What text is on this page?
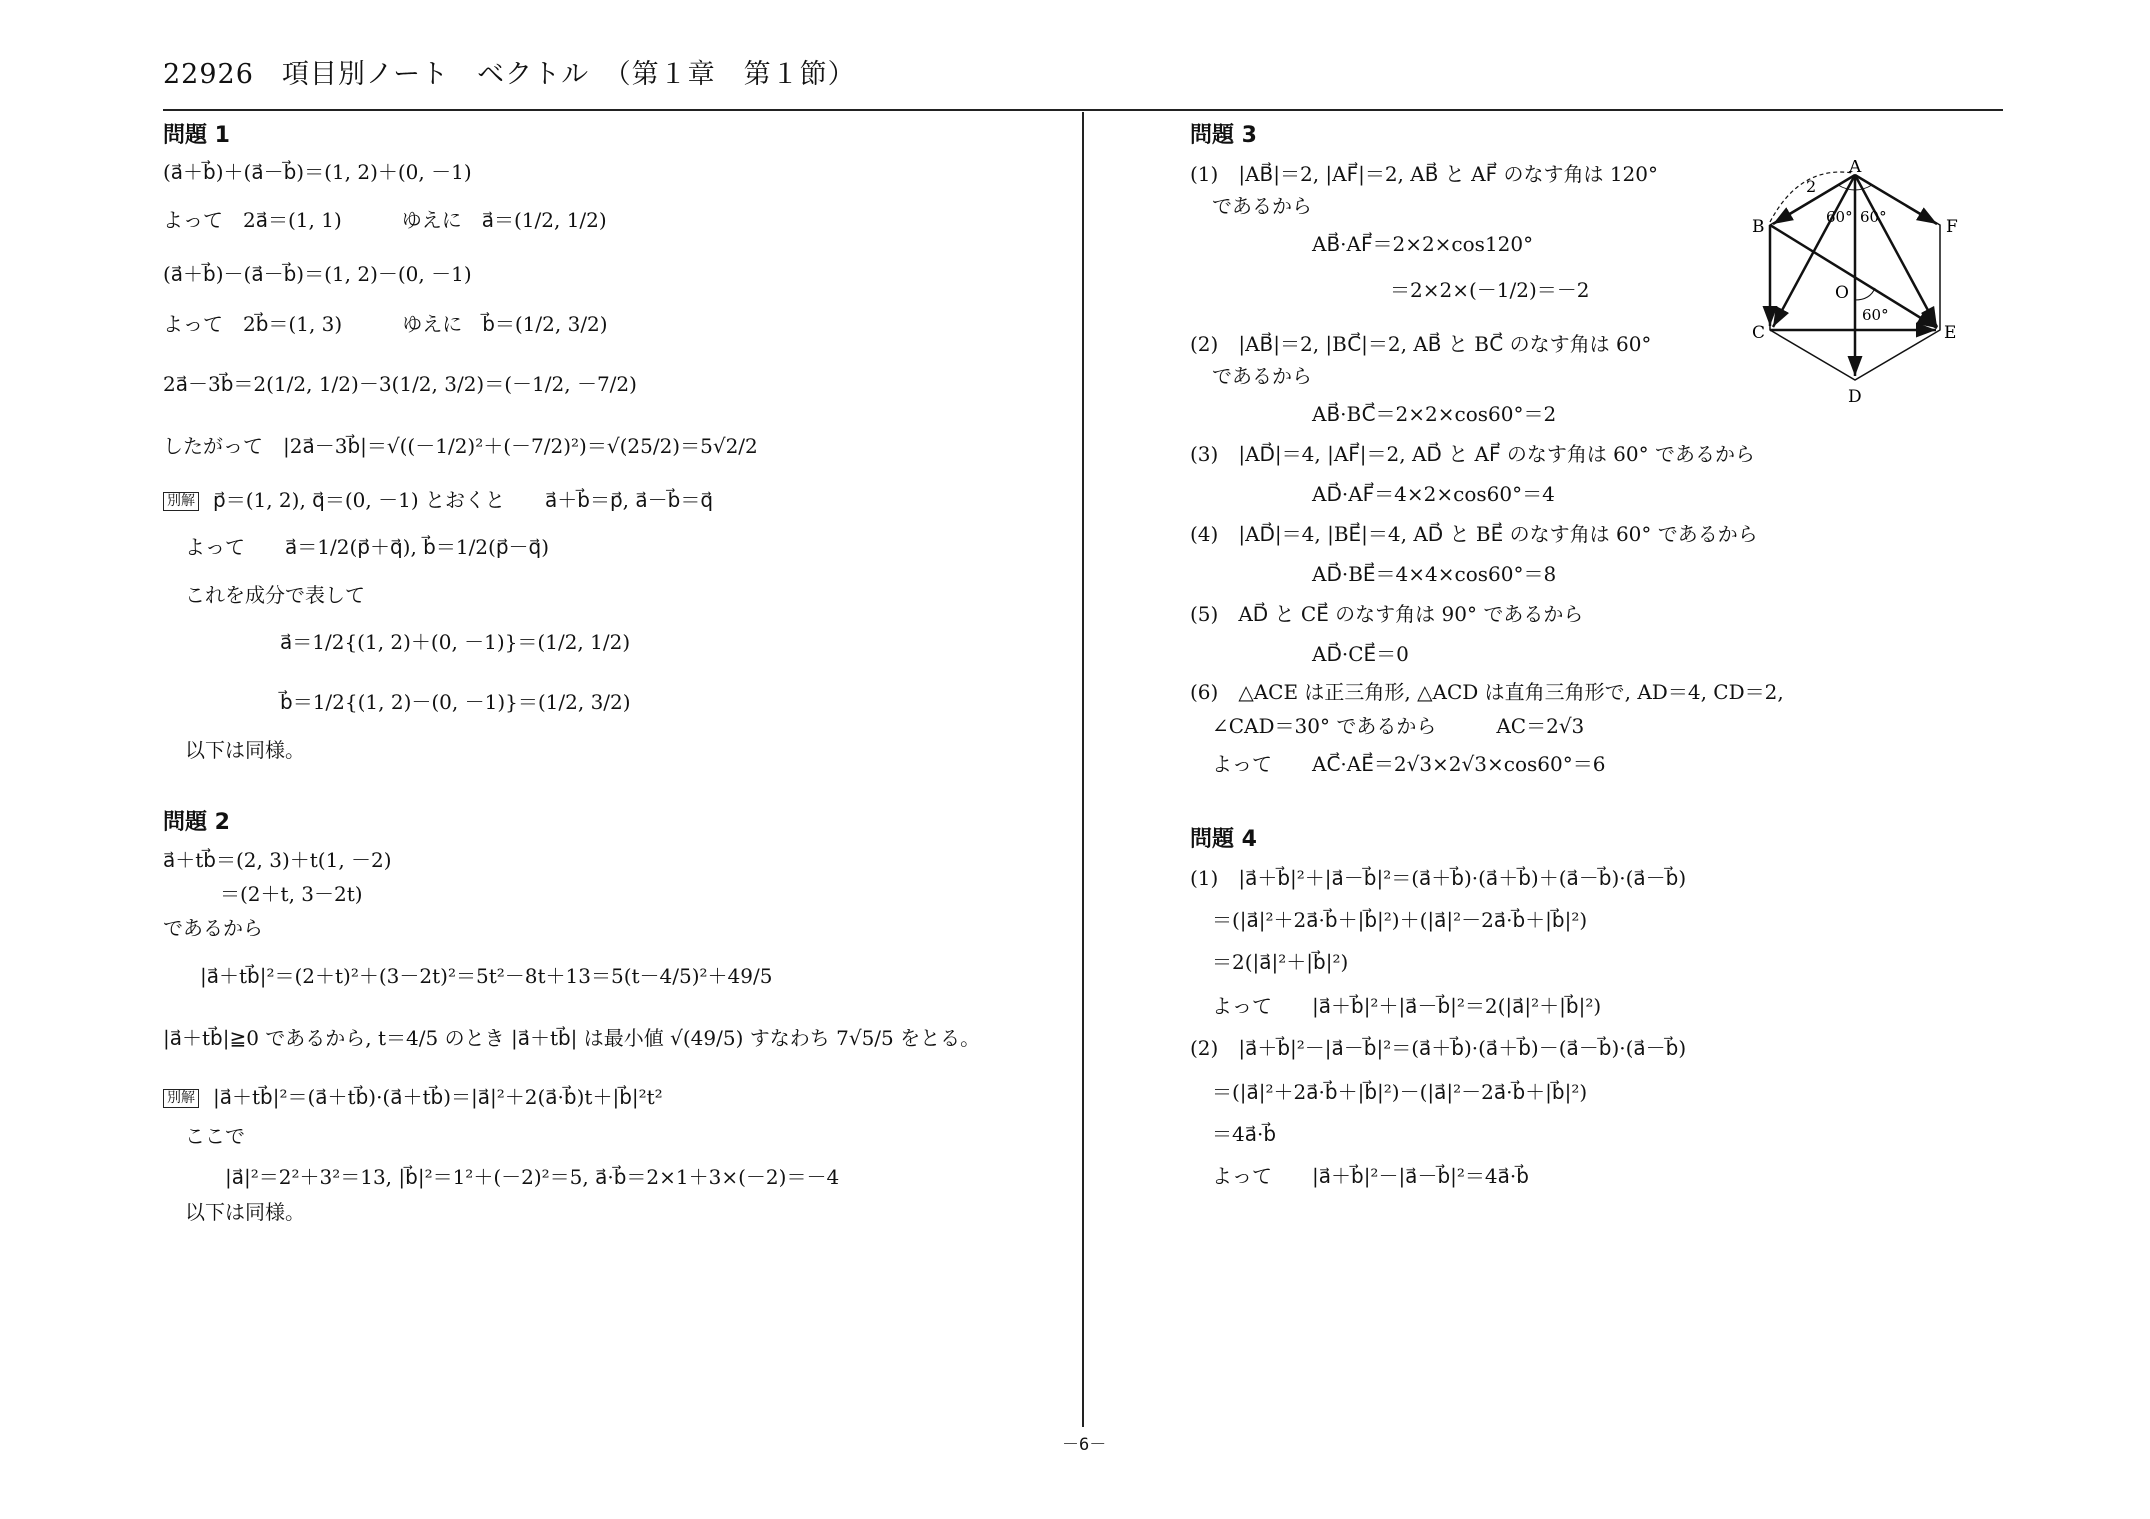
22926　項目別ノート　ベクトル　（第１章　第１節）
問題 1
(a⃗＋b⃗)＋(a⃗－b⃗)＝(1, 2)＋(0, －1)
よって　2a⃗＝(1, 1)　　　ゆえに　a⃗＝(1/2, 1/2)
(a⃗＋b⃗)－(a⃗－b⃗)＝(1, 2)－(0, －1)
よって　2b⃗＝(1, 3)　　　ゆえに　b⃗＝(1/2, 3/2)
2a⃗－3b⃗＝2(1/2, 1/2)－3(1/2, 3/2)＝(－1/2, －7/2)
したがって　|2a⃗－3b⃗|＝√((－1/2)²＋(－7/2)²)＝√(25/2)＝5√2/2
別解 p⃗＝(1, 2), q⃗＝(0, －1) とおくと　　a⃗＋b⃗＝p⃗, a⃗－b⃗＝q⃗
よって　　a⃗＝1/2(p⃗＋q⃗), b⃗＝1/2(p⃗－q⃗)
これを成分で表して
a⃗＝1/2{(1, 2)＋(0, －1)}＝(1/2, 1/2)
b⃗＝1/2{(1, 2)－(0, －1)}＝(1/2, 3/2)
以下は同様。
問題 2
a⃗＋tb⃗＝(2, 3)＋t(1, －2)
＝(2＋t, 3－2t)
であるから
|a⃗＋tb⃗|²＝(2＋t)²＋(3－2t)²＝5t²－8t＋13＝5(t－4/5)²＋49/5
|a⃗＋tb⃗|≧0 であるから, t＝4/5 のとき |a⃗＋tb⃗| は最小値 √(49/5) すなわち 7√5/5 をとる。
別解 |a⃗＋tb⃗|²＝(a⃗＋tb⃗)·(a⃗＋tb⃗)＝|a⃗|²＋2(a⃗·b⃗)t＋|b⃗|²t²
ここで
|a⃗|²＝2²＋3²＝13, |b⃗|²＝1²＋(－2)²＝5, a⃗·b⃗＝2×1＋3×(－2)＝－4
以下は同様。
問題 3
(1)　|AB⃗|＝2, |AF⃗|＝2, AB⃗ と AF⃗ のなす角は 120°
であるから
AB⃗·AF⃗＝2×2×cos120°
＝2×2×(－1/2)＝－2
(2)　|AB⃗|＝2, |BC⃗|＝2, AB⃗ と BC⃗ のなす角は 60°
であるから
AB⃗·BC⃗＝2×2×cos60°＝2
(3)　|AD⃗|＝4, |AF⃗|＝2, AD⃗ と AF⃗ のなす角は 60° であるから
AD⃗·AF⃗＝4×2×cos60°＝4
(4)　|AD⃗|＝4, |BE⃗|＝4, AD⃗ と BE⃗ のなす角は 60° であるから
AD⃗·BE⃗＝4×4×cos60°＝8
(5)　AD⃗ と CE⃗ のなす角は 90° であるから
AD⃗·CE⃗＝0
(6)　△ACE は正三角形, △ACD は直角三角形で, AD＝4, CD＝2,
∠CAD＝30° であるから　　　AC＝2√3
よって　　AC⃗·AE⃗＝2√3×2√3×cos60°＝6
問題 4
(1)　|a⃗＋b⃗|²＋|a⃗－b⃗|²＝(a⃗＋b⃗)·(a⃗＋b⃗)＋(a⃗－b⃗)·(a⃗－b⃗)
＝(|a⃗|²＋2a⃗·b⃗＋|b⃗|²)＋(|a⃗|²－2a⃗·b⃗＋|b⃗|²)
＝2(|a⃗|²＋|b⃗|²)
よって　　|a⃗＋b⃗|²＋|a⃗－b⃗|²＝2(|a⃗|²＋|b⃗|²)
(2)　|a⃗＋b⃗|²－|a⃗－b⃗|²＝(a⃗＋b⃗)·(a⃗＋b⃗)－(a⃗－b⃗)·(a⃗－b⃗)
＝(|a⃗|²＋2a⃗·b⃗＋|b⃗|²)－(|a⃗|²－2a⃗·b⃗＋|b⃗|²)
＝4a⃗·b⃗
よって　　|a⃗＋b⃗|²－|a⃗－b⃗|²＝4a⃗·b⃗
A
B
C
D
E
F
O
2
60° 60°
60°
－6－
